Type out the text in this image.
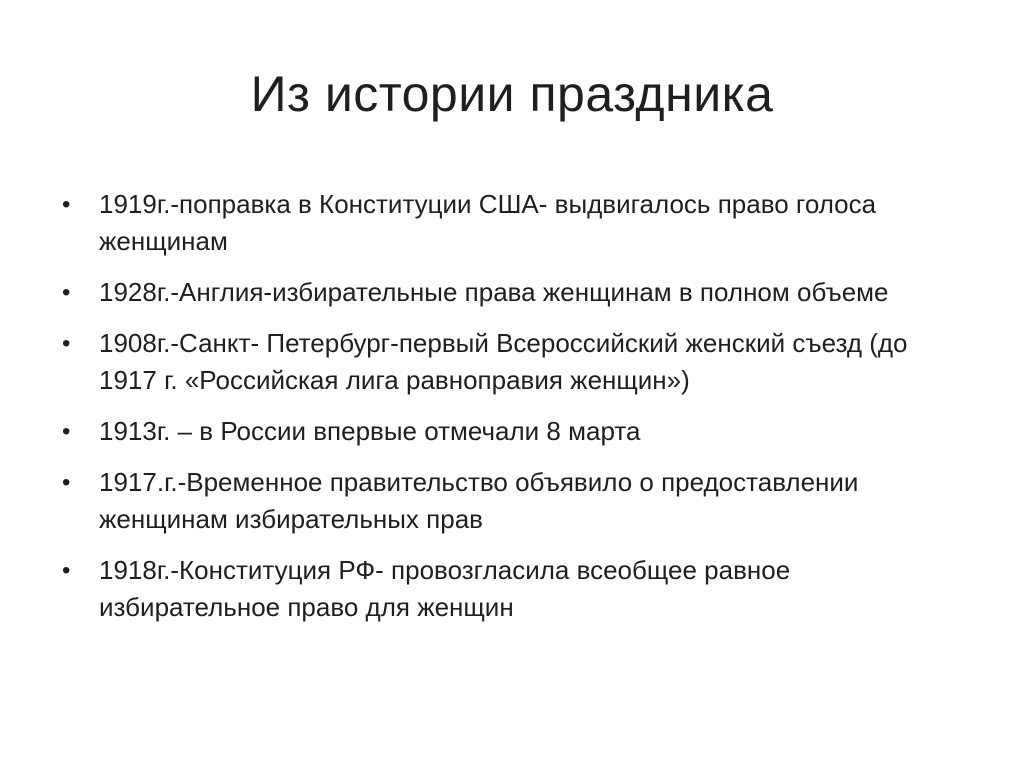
Из истории праздника
• 1919г.-поправка в Конституции США- выдвигалось право голоса женщинам
• 1928г.-Англия-избирательные права женщинам в полном объеме
• 1908г.-Санкт- Петербург-первый Всероссийский женский съезд (до 1917 г. «Российская лига равноправия женщин»)
• 1913г. – в России впервые отмечали 8 марта
• 1917.г.-Временное правительство объявило о предоставлении женщинам избирательных прав
• 1918г.-Конституция РФ- провозгласила всеобщее равное избирательное право для женщин
